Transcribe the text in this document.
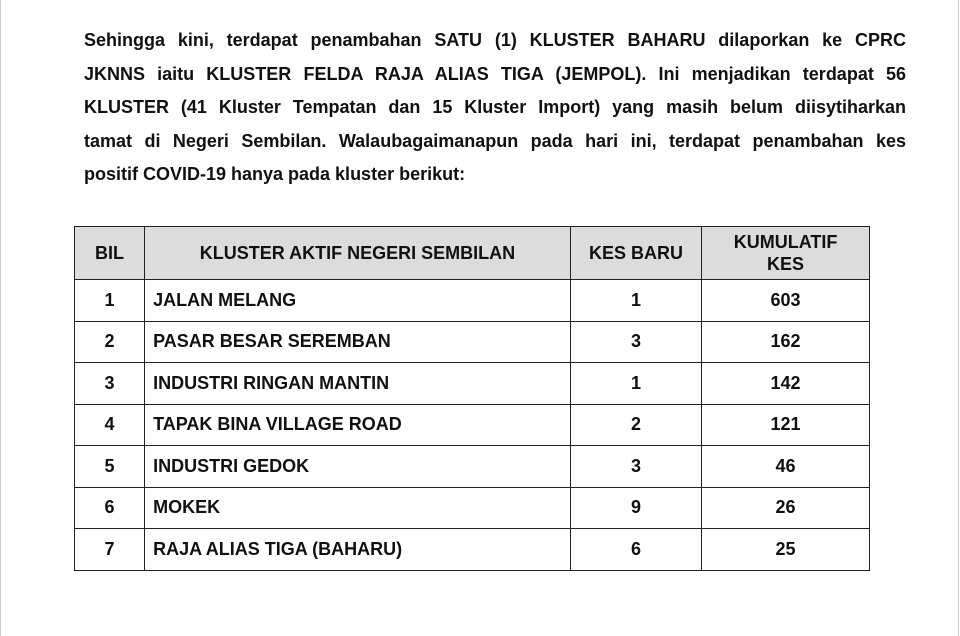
Sehingga kini, terdapat penambahan SATU (1) KLUSTER BAHARU dilaporkan ke CPRC
JKNNS iaitu KLUSTER FELDA RAJA ALIAS TIGA (JEMPOL). Ini menjadikan terdapat 56
KLUSTER (41 Kluster Tempatan dan 15 Kluster Import) yang masih belum diisytiharkan
tamat di Negeri Sembilan. Walaubagaimanapun pada hari ini, terdapat penambahan kes
positif COVID-19 hanya pada kluster berikut:
BIL	KLUSTER AKTIF NEGERI SEMBILAN	KES BARU	KUMULATIF KES
1	JALAN MELANG	1	603
2	PASAR BESAR SEREMBAN	3	162
3	INDUSTRI RINGAN MANTIN	1	142
4	TAPAK BINA VILLAGE ROAD	2	121
5	INDUSTRI GEDOK	3	46
6	MOKEK	9	26
7	RAJA ALIAS TIGA (BAHARU)	6	25
